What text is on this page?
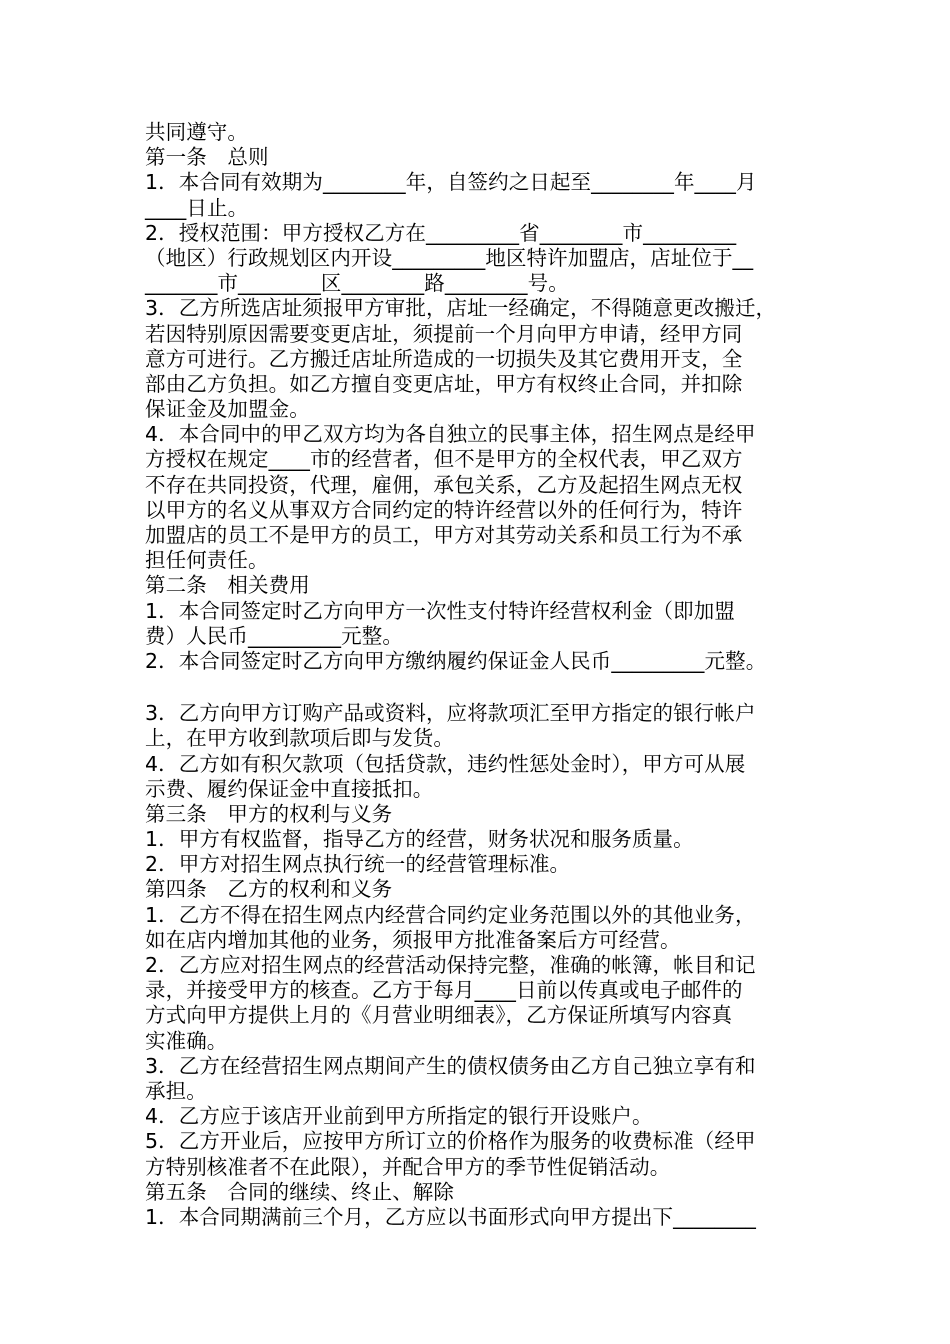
共同遵守。
第一条　总则
1．本合同有效期为________年，自签约之日起至________年____月
____日止。
2．授权范围：甲方授权乙方在_________省________市_________
（地区）行政规划区内开设_________地区特许加盟店，店址位于__
_______市________区________路________号。
3．乙方所选店址须报甲方审批，店址一经确定，不得随意更改搬迁，
若因特别原因需要变更店址，须提前一个月向甲方申请，经甲方同
意方可进行。乙方搬迁店址所造成的一切损失及其它费用开支，全
部由乙方负担。如乙方擅自变更店址，甲方有权终止合同，并扣除
保证金及加盟金。
4．本合同中的甲乙双方均为各自独立的民事主体，招生网点是经甲
方授权在规定____市的经营者，但不是甲方的全权代表，甲乙双方
不存在共同投资，代理，雇佣，承包关系，乙方及起招生网点无权
以甲方的名义从事双方合同约定的特许经营以外的任何行为，特许
加盟店的员工不是甲方的员工，甲方对其劳动关系和员工行为不承
担任何责任。
第二条　相关费用
1．本合同签定时乙方向甲方一次性支付特许经营权利金（即加盟
费）人民币_________元整。
2．本合同签定时乙方向甲方缴纳履约保证金人民币_________元整。
3．乙方向甲方订购产品或资料，应将款项汇至甲方指定的银行帐户
上，在甲方收到款项后即与发货。
4．乙方如有积欠款项（包括贷款，违约性惩处金时），甲方可从展
示费、履约保证金中直接抵扣。
第三条　甲方的权利与义务
1．甲方有权监督，指导乙方的经营，财务状况和服务质量。
2．甲方对招生网点执行统一的经营管理标准。
第四条　乙方的权利和义务
1．乙方不得在招生网点内经营合同约定业务范围以外的其他业务，
如在店内增加其他的业务，须报甲方批准备案后方可经营。
2．乙方应对招生网点的经营活动保持完整，准确的帐簿，帐目和记
录，并接受甲方的核查。乙方于每月____日前以传真或电子邮件的
方式向甲方提供上月的《月营业明细表》，乙方保证所填写内容真
实准确。
3．乙方在经营招生网点期间产生的债权债务由乙方自己独立享有和
承担。
4．乙方应于该店开业前到甲方所指定的银行开设账户。
5．乙方开业后，应按甲方所订立的价格作为服务的收费标准（经甲
方特别核准者不在此限），并配合甲方的季节性促销活动。
第五条　合同的继续、终止、解除
1．本合同期满前三个月，乙方应以书面形式向甲方提出下________
